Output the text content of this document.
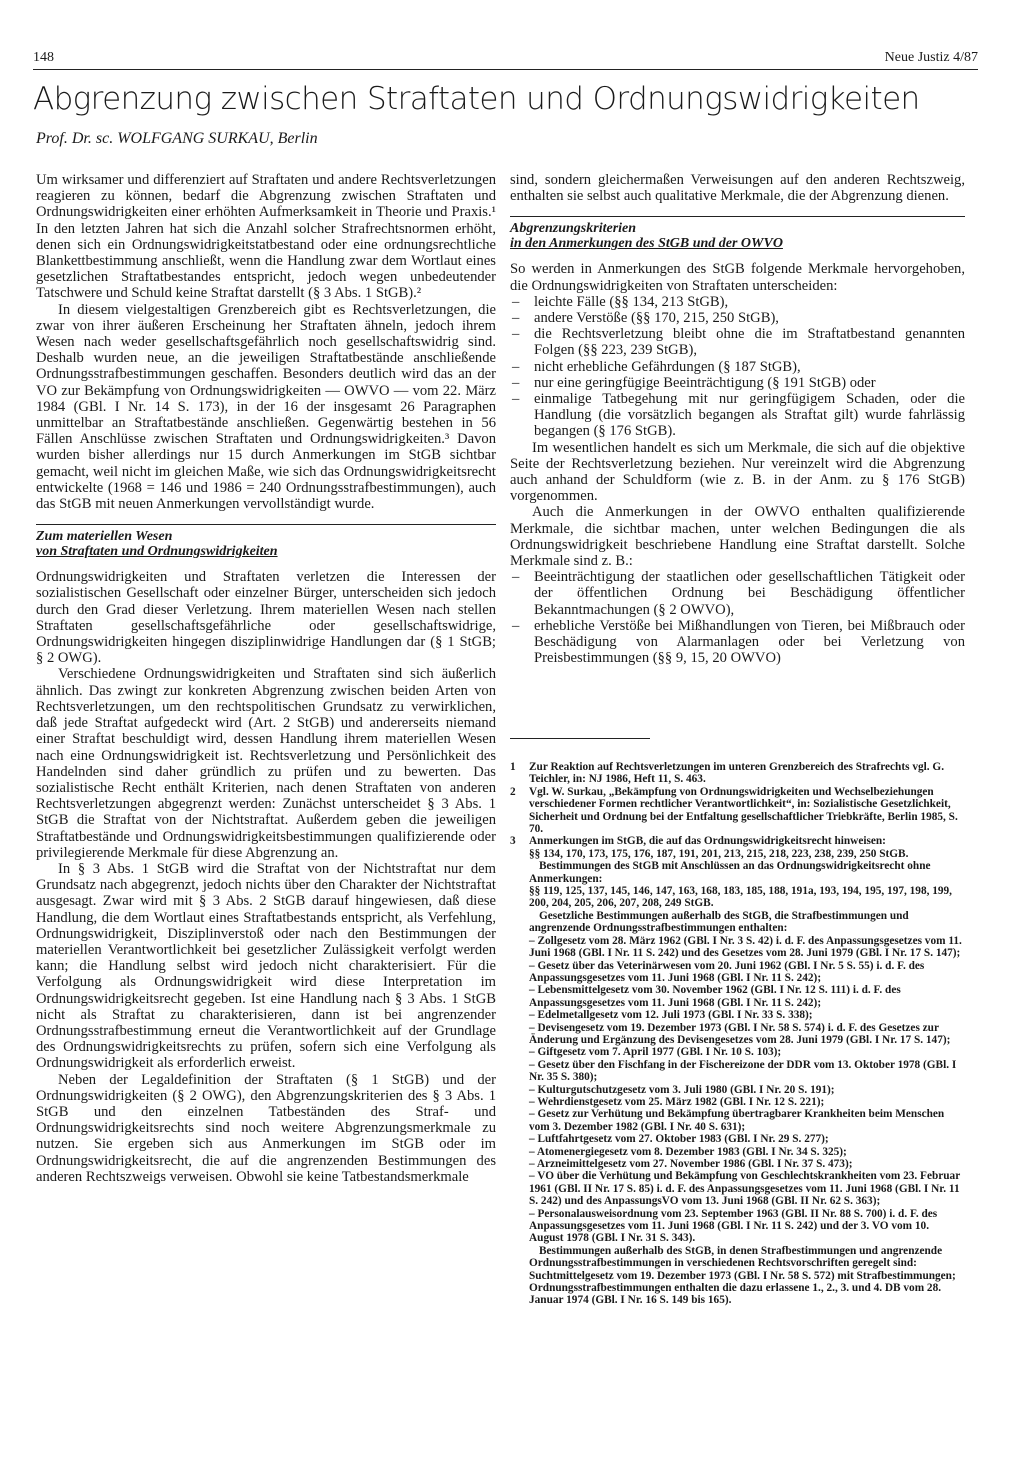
148	Neue Justiz 4/87
Abgrenzung zwischen Straftaten und Ordnungswidrigkeiten
Prof. Dr. sc. WOLFGANG SURKAU, Berlin

Um wirksamer und differenziert auf Straftaten und andere Rechtsverletzungen reagieren zu können, bedarf die Abgrenzung zwischen Straftaten und Ordnungswidrigkeiten einer erhöhten Aufmerksamkeit in Theorie und Praxis.¹ In den letzten Jahren hat sich die Anzahl solcher Strafrechtsnormen erhöht, denen sich ein Ordnungswidrigkeitstatbestand oder eine ordnungsrechtliche Blankettbestimmung anschließt, wenn die Handlung zwar dem Wortlaut eines gesetzlichen Straftatbestandes entspricht, jedoch wegen unbedeutender Tatschwere und Schuld keine Straftat darstellt (§ 3 Abs. 1 StGB).²

In diesem vielgestaltigen Grenzbereich gibt es Rechtsverletzungen, die zwar von ihrer äußeren Erscheinung her Straftaten ähneln, jedoch ihrem Wesen nach weder gesellschaftsgefährlich noch gesellschaftswidrig sind. Deshalb wurden neue, an die jeweiligen Straftatbestände anschließende Ordnungsstrafbestimmungen geschaffen. Besonders deutlich wird das an der VO zur Bekämpfung von Ordnungswidrigkeiten — OWVO — vom 22. März 1984 (GBl. I Nr. 14 S. 173), in der 16 der insgesamt 26 Paragraphen unmittelbar an Straftatbestände anschließen. Gegenwärtig bestehen in 56 Fällen Anschlüsse zwischen Straftaten und Ordnungswidrigkeiten.³ Davon wurden bisher allerdings nur 15 durch Anmerkungen im StGB sichtbar gemacht, weil nicht im gleichen Maße, wie sich das Ordnungswidrigkeitsrecht entwickelte (1968 = 146 und 1986 = 240 Ordnungsstrafbestimmungen), auch das StGB mit neuen Anmerkungen vervollständigt wurde.

Zum materiellen Wesen
von Straftaten und Ordnungswidrigkeiten

Ordnungswidrigkeiten und Straftaten verletzen die Interessen der sozialistischen Gesellschaft oder einzelner Bürger, unterscheiden sich jedoch durch den Grad dieser Verletzung. Ihrem materiellen Wesen nach stellen Straftaten gesellschaftsgefährliche oder gesellschaftswidrige, Ordnungswidrigkeiten hingegen disziplinwidrige Handlungen dar (§ 1 StGB; § 2 OWG).

Verschiedene Ordnungswidrigkeiten und Straftaten sind sich äußerlich ähnlich. Das zwingt zur konkreten Abgrenzung zwischen beiden Arten von Rechtsverletzungen, um den rechtspolitischen Grundsatz zu verwirklichen, daß jede Straftat aufgedeckt wird (Art. 2 StGB) und andererseits niemand einer Straftat beschuldigt wird, dessen Handlung ihrem materiellen Wesen nach eine Ordnungswidrigkeit ist. Rechtsverletzung und Persönlichkeit des Handelnden sind daher gründlich zu prüfen und zu bewerten. Das sozialistische Recht enthält Kriterien, nach denen Straftaten von anderen Rechtsverletzungen abgegrenzt werden: Zunächst unterscheidet § 3 Abs. 1 StGB die Straftat von der Nichtstraftat. Außerdem geben die jeweiligen Straftatbestände und Ordnungswidrigkeitsbestimmungen qualifizierende oder privilegierende Merkmale für diese Abgrenzung an.

In § 3 Abs. 1 StGB wird die Straftat von der Nichtstraftat nur dem Grundsatz nach abgegrenzt, jedoch nichts über den Charakter der Nichtstraftat ausgesagt. Zwar wird mit § 3 Abs. 2 StGB darauf hingewiesen, daß diese Handlung, die dem Wortlaut eines Straftatbestands entspricht, als Verfehlung, Ordnungswidrigkeit, Disziplinverstoß oder nach den Bestimmungen der materiellen Verantwortlichkeit bei gesetzlicher Zulässigkeit verfolgt werden kann; die Handlung selbst wird jedoch nicht charakterisiert. Für die Verfolgung als Ordnungswidrigkeit wird diese Interpretation im Ordnungswidrigkeitsrecht gegeben. Ist eine Handlung nach § 3 Abs. 1 StGB nicht als Straftat zu charakterisieren, dann ist bei angrenzender Ordnungsstrafbestimmung erneut die Verantwortlichkeit auf der Grundlage des Ordnungswidrigkeitsrechts zu prüfen, sofern sich eine Verfolgung als Ordnungswidrigkeit als erforderlich erweist.

Neben der Legaldefinition der Straftaten (§ 1 StGB) und der Ordnungswidrigkeiten (§ 2 OWG), den Abgrenzungskriterien des § 3 Abs. 1 StGB und den einzelnen Tatbeständen des Straf- und Ordnungswidrigkeitsrechts sind noch weitere Abgrenzungsmerkmale zu nutzen. Sie ergeben sich aus Anmerkungen im StGB oder im Ordnungswidrigkeitsrecht, die auf die angrenzenden Bestimmungen des anderen Rechtszweigs verweisen. Obwohl sie keine Tatbestandsmerkmale

sind, sondern gleichermaßen Verweisungen auf den anderen Rechtszweig, enthalten sie selbst auch qualitative Merkmale, die der Abgrenzung dienen.

Abgrenzungskriterien
in den Anmerkungen des StGB und der OWVO

So werden in Anmerkungen des StGB folgende Merkmale hervorgehoben, die Ordnungswidrigkeiten von Straftaten unterscheiden:

– leichte Fälle (§§ 134, 213 StGB),
– andere Verstöße (§§ 170, 215, 250 StGB),
– die Rechtsverletzung bleibt ohne die im Straftatbestand genannten Folgen (§§ 223, 239 StGB),
– nicht erhebliche Gefährdungen (§ 187 StGB),
– nur eine geringfügige Beeinträchtigung (§ 191 StGB) oder
– einmalige Tatbegehung mit nur geringfügigem Schaden, oder die Handlung (die vorsätzlich begangen als Straftat gilt) wurde fahrlässig begangen (§ 176 StGB).

Im wesentlichen handelt es sich um Merkmale, die sich auf die objektive Seite der Rechtsverletzung beziehen. Nur vereinzelt wird die Abgrenzung auch anhand der Schuldform (wie z. B. in der Anm. zu § 176 StGB) vorgenommen.

Auch die Anmerkungen in der OWVO enthalten qualifizierende Merkmale, die sichtbar machen, unter welchen Bedingungen die als Ordnungswidrigkeit beschriebene Handlung eine Straftat darstellt. Solche Merkmale sind z. B.:

– Beeinträchtigung der staatlichen oder gesellschaftlichen Tätigkeit oder der öffentlichen Ordnung bei Beschädigung öffentlicher Bekanntmachungen (§ 2 OWVO),
– erhebliche Verstöße bei Mißhandlungen von Tieren, bei Mißbrauch oder Beschädigung von Alarmanlagen oder bei Verletzung von Preisbestimmungen (§§ 9, 15, 20 OWVO)
1 Zur Reaktion auf Rechtsverletzungen im unteren Grenzbereich des Strafrechts vgl. G. Teichler, in: NJ 1986, Heft 11, S. 463.
2 Vgl. W. Surkau, „Bekämpfung von Ordnungswidrigkeiten und Wechselbeziehungen verschiedener Formen rechtlicher Verantwortlichkeit“, in: Sozialistische Gesetzlichkeit, Sicherheit und Ordnung bei der Entfaltung gesellschaftlicher Triebkräfte, Berlin 1985, S. 70.
3 Anmerkungen im StGB, die auf das Ordnungswidrigkeitsrecht hinweisen:
§§ 134, 170, 173, 175, 176, 187, 191, 201, 213, 215, 218, 223, 238, 239, 250 StGB.
Bestimmungen des StGB mit Anschlüssen an das Ordnungswidrigkeitsrecht ohne Anmerkungen:
§§ 119, 125, 137, 145, 146, 147, 163, 168, 183, 185, 188, 191a, 193, 194, 195, 197, 198, 199, 200, 204, 205, 206, 207, 208, 249 StGB.
Gesetzliche Bestimmungen außerhalb des StGB, die Strafbestimmungen und angrenzende Ordnungsstrafbestimmungen enthalten:
– Zollgesetz vom 28. März 1962 (GBl. I Nr. 3 S. 42) i. d. F. des Anpassungsgesetzes vom 11. Juni 1968 (GBl. I Nr. 11 S. 242) und des Gesetzes vom 28. Juni 1979 (GBl. I Nr. 17 S. 147);
– Gesetz über das Veterinärwesen vom 20. Juni 1962 (GBl. I Nr. 5 S. 55) i. d. F. des Anpassungsgesetzes vom 11. Juni 1968 (GBl. I Nr. 11 S. 242);
– Lebensmittelgesetz vom 30. November 1962 (GBl. I Nr. 12 S. 111) i. d. F. des Anpassungsgesetzes vom 11. Juni 1968 (GBl. I Nr. 11 S. 242);
– Edelmetallgesetz vom 12. Juli 1973 (GBl. I Nr. 33 S. 338);
– Devisengesetz vom 19. Dezember 1973 (GBl. I Nr. 58 S. 574) i. d. F. des Gesetzes zur Änderung und Ergänzung des Devisengesetzes vom 28. Juni 1979 (GBl. I Nr. 17 S. 147);
– Giftgesetz vom 7. April 1977 (GBl. I Nr. 10 S. 103);
– Gesetz über den Fischfang in der Fischereizone der DDR vom 13. Oktober 1978 (GBl. I Nr. 35 S. 380);
– Kulturgutschutzgesetz vom 3. Juli 1980 (GBl. I Nr. 20 S. 191);
– Wehrdienstgesetz vom 25. März 1982 (GBl. I Nr. 12 S. 221);
– Gesetz zur Verhütung und Bekämpfung übertragbarer Krankheiten beim Menschen vom 3. Dezember 1982 (GBl. I Nr. 40 S. 631);
– Luftfahrtgesetz vom 27. Oktober 1983 (GBl. I Nr. 29 S. 277);
– Atomenergiegesetz vom 8. Dezember 1983 (GBl. I Nr. 34 S. 325);
– Arzneimittelgesetz vom 27. November 1986 (GBl. I Nr. 37 S. 473);
– VO über die Verhütung und Bekämpfung von Geschlechtskrankheiten vom 23. Februar 1961 (GBl. II Nr. 17 S. 85) i. d. F. des Anpassungsgesetzes vom 11. Juni 1968 (GBl. I Nr. 11 S. 242) und des AnpassungsVO vom 13. Juni 1968 (GBl. II Nr. 62 S. 363);
– Personalausweisordnung vom 23. September 1963 (GBl. II Nr. 88 S. 700) i. d. F. des Anpassungsgesetzes vom 11. Juni 1968 (GBl. I Nr. 11 S. 242) und der 3. VO vom 10. August 1978 (GBl. I Nr. 31 S. 343).
Bestimmungen außerhalb des StGB, in denen Strafbestimmungen und angrenzende Ordnungsstrafbestimmungen in verschiedenen Rechtsvorschriften geregelt sind:
Suchtmittelgesetz vom 19. Dezember 1973 (GBl. I Nr. 58 S. 572) mit Strafbestimmungen; Ordnungsstrafbestimmungen enthalten die dazu erlassene 1., 2., 3. und 4. DB vom 28. Januar 1974 (GBl. I Nr. 16 S. 149 bis 165).
